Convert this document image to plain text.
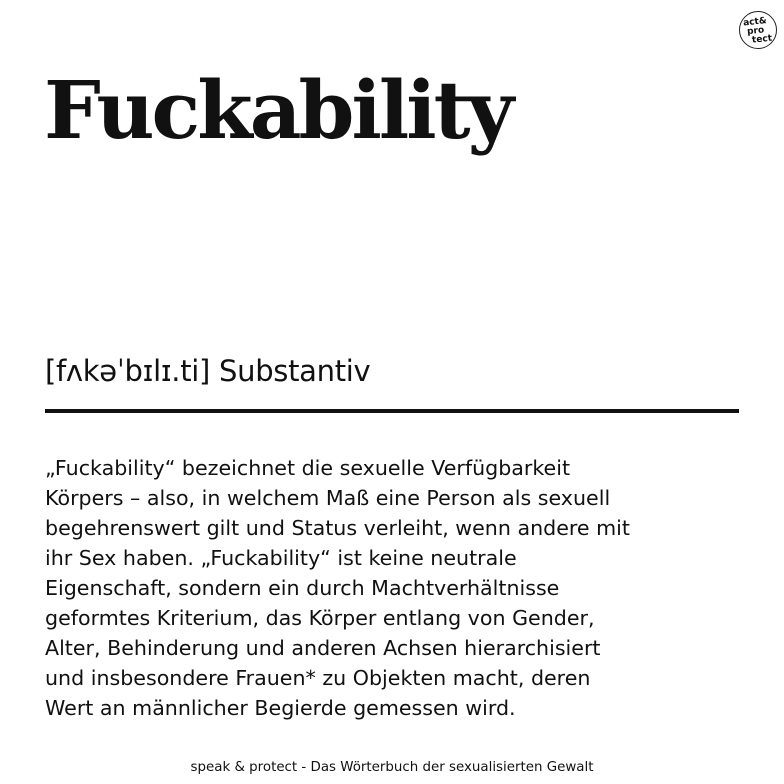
act&
pro
tect
Fuckability
[fʌkəˈbɪlɪ.ti] Substantiv

„Fuckability“ bezeichnet die sexuelle Verfügbarkeit
Körpers – also, in welchem Maß eine Person als sexuell
begehrenswert gilt und Status verleiht, wenn andere mit
ihr Sex haben. „Fuckability“ ist keine neutrale
Eigenschaft, sondern ein durch Machtverhältnisse
geformtes Kriterium, das Körper entlang von Gender,
Alter, Behinderung und anderen Achsen hierarchisiert
und insbesondere Frauen* zu Objekten macht, deren
Wert an männlicher Begierde gemessen wird.

speak & protect - Das Wörterbuch der sexualisierten Gewalt
